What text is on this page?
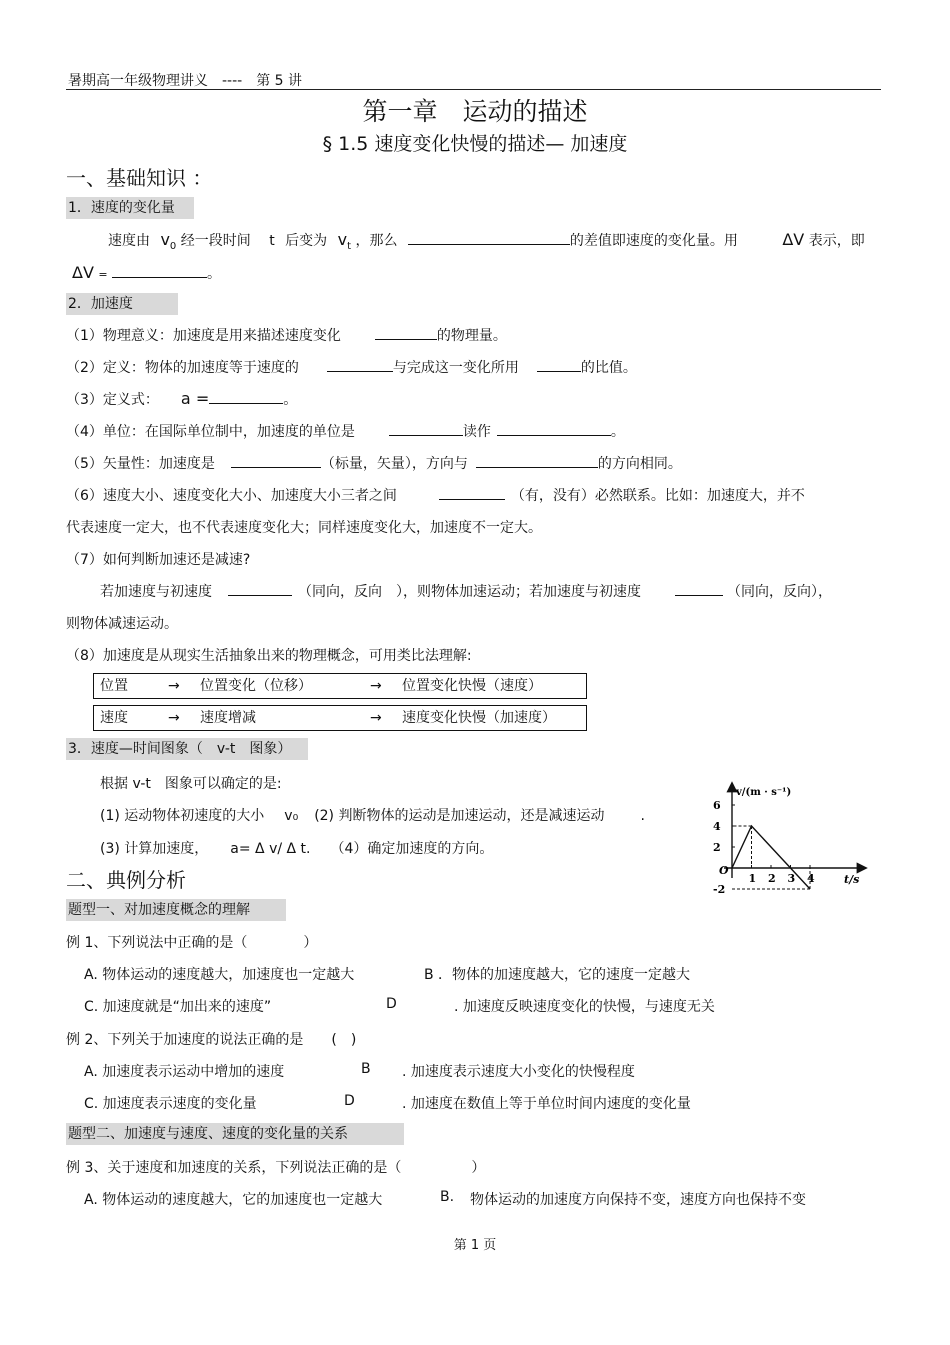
暑期高一年级物理讲义　----　第 5 讲
第一章　运动的描述
§ 1.5 速度变化快慢的描述— 加速度
一、基础知识 ：
1．速度的变化量
速度由 $v_0$ 经一段时间 t 后变为 $v_t$ ，那么	的差值即速度的变化量。用	ΔV 表示，即
ΔV =	。
2．加速度
（1）物理意义：加速度是用来描述速度变化	的物理量。
（2）定义：物体的加速度等于速度的	与完成这一变化所用	的比值。
（3）定义式： a =	。
（4）单位：在国际单位制中，加速度的单位是	读作	。
（5）矢量性：加速度是	（标量，矢量），方向与	的方向相同。
（6）速度大小、速度变化大小、加速度大小三者之间	（有，没有）必然联系。比如：加速度大，并不
代表速度一定大，也不代表速度变化大；同样速度变化大，加速度不一定大。
（7）如何判断加速还是减速?
若加速度与初速度	（同向，反向　），则物体加速运动；若加速度与初速度	（同向，反向），
则物体减速运动。
（8）加速度是从现实生活抽象出来的物理概念，可用类比法理解:
位置	→ 位置变化（位移）	→ 位置变化快慢（速度）
速度	→ 速度增减	→ 速度变化快慢（加速度）
3．速度—时间图象（　v-t　图象）
根据 v-t　图象可以确定的是:
(1) 运动物体初速度的大小 v₀ (2) 判断物体的运动是加速运动，还是减速运动	.
(3) 计算加速度， a= Δ v/ Δ t. （4）确定加速度的方向。
6
4
2
-2
1 2 3 4
v/(m · s⁻¹)
t/s
O
二、典例分析
题型一、对加速度概念的理解
例 1、下列说法中正确的是（　　　　）
A. 物体运动的速度越大，加速度也一定越大	B ．物体的加速度越大，它的速度一定越大
C. 加速度就是“加出来的速度”	D	. 加速度反映速度变化的快慢，与速度无关
例 2、下列关于加速度的说法正确的是　　(　)
A. 加速度表示运动中增加的速度	B . 加速度表示速度大小变化的快慢程度
C. 加速度表示速度的变化量	D	. 加速度在数值上等于单位时间内速度的变化量
题型二、加速度与速度、速度的变化量的关系
例 3、关于速度和加速度的关系，下列说法正确的是（　　　　　）
A. 物体运动的速度越大，它的加速度也一定越大	B. 物体运动的加速度方向保持不变，速度方向也保持不变
第 1 页
